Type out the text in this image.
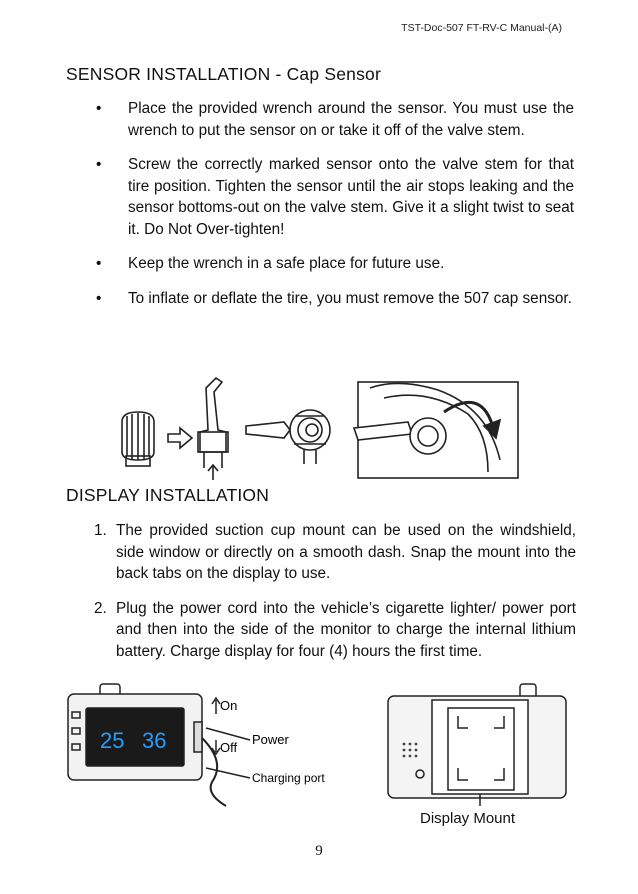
TST-Doc-507 FT-RV-C Manual-(A)
SENSOR INSTALLATION - Cap Sensor
• Place the provided wrench around the sensor. You must use the wrench to put the sensor on or take it off of the valve stem.
• Screw the correctly marked sensor onto the valve stem for that tire position. Tighten the sensor until the air stops leaking and the sensor bottoms-out on the valve stem. Give it a slight twist to seat it. Do Not Over-tighten!
• Keep the wrench in a safe place for future use.
• To inflate or deflate the tire, you must remove the 507 cap sensor.
DISPLAY INSTALLATION
1. The provided suction cup mount can be used on the windshield, side window or directly on a smooth dash. Snap the mount into the back tabs on the display to use.
2. Plug the power cord into the vehicle’s cigarette lighter/ power port and then into the side of the monitor to charge the internal lithium battery. Charge display for four (4) hours the first time.
25 36
On
Off
Power
Charging port
Display Mount
9
